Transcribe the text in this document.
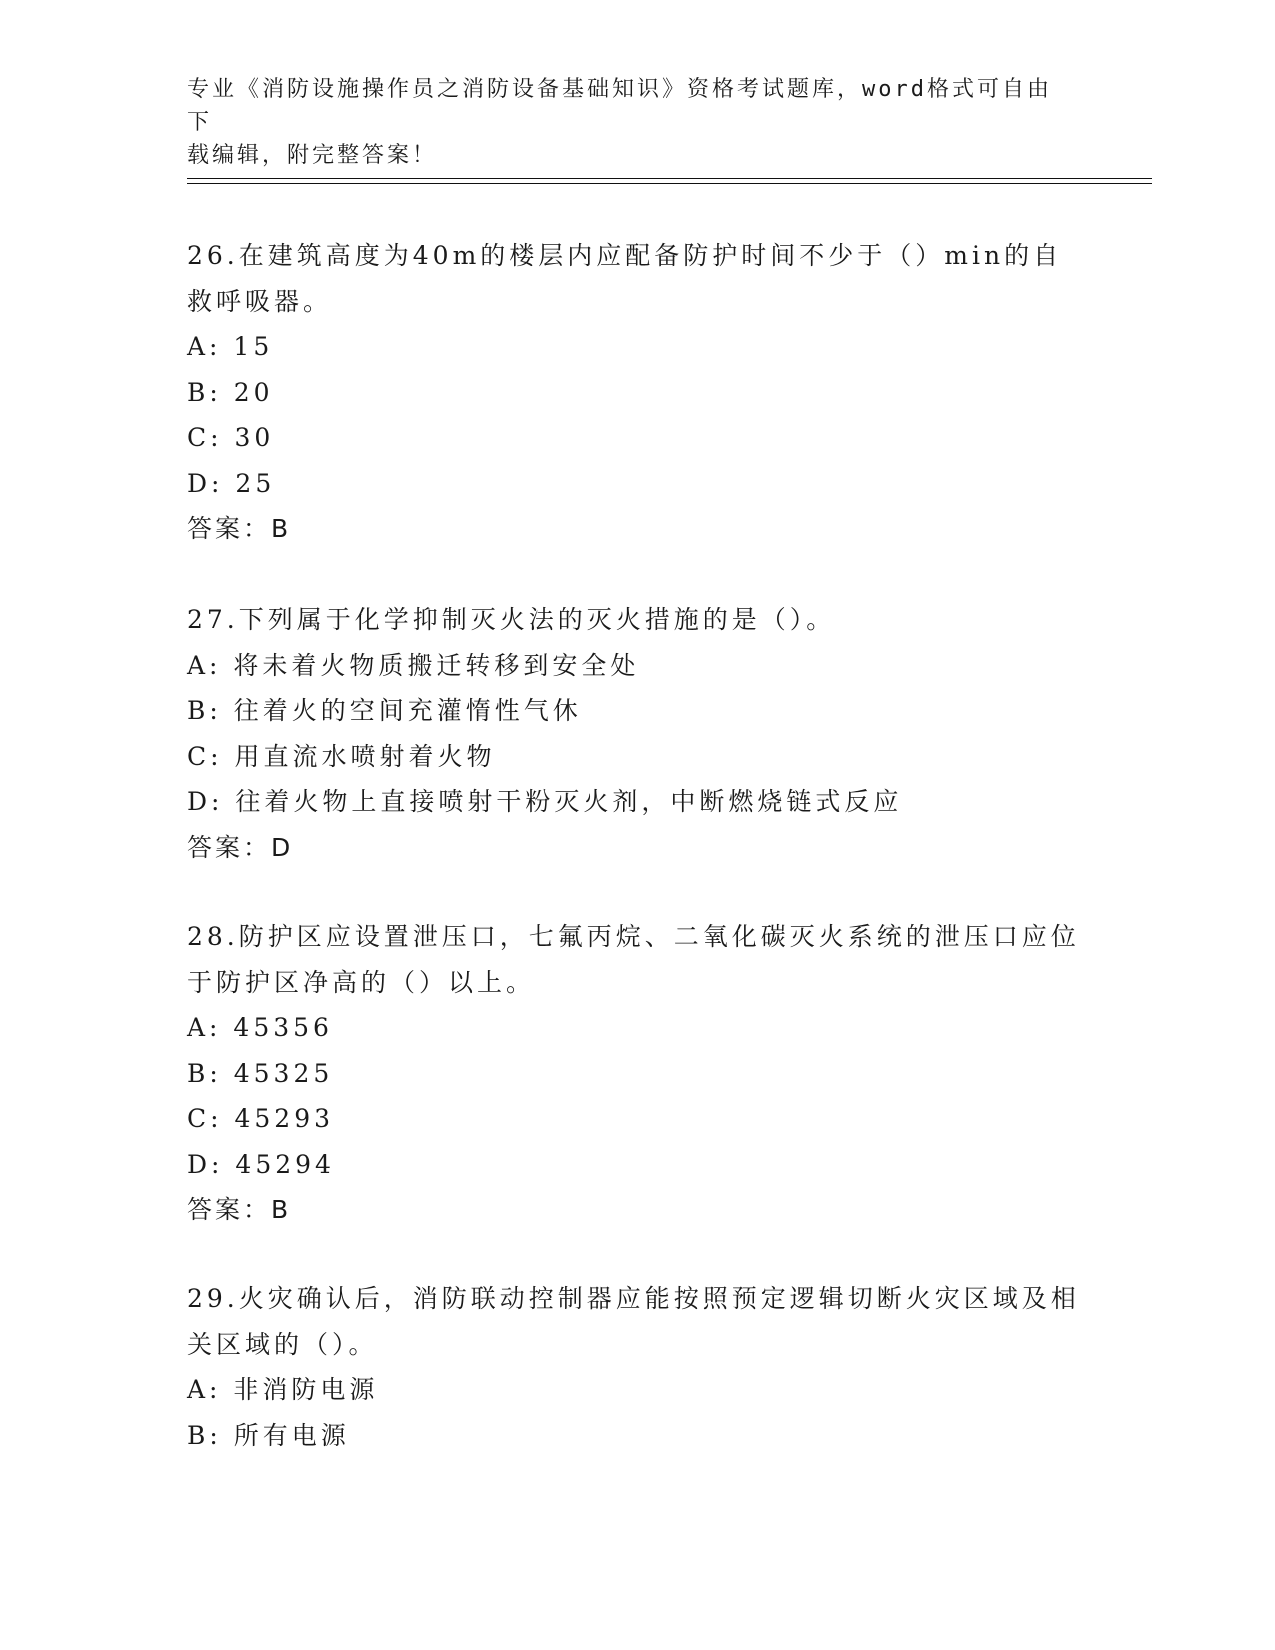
专业《消防设施操作员之消防设备基础知识》资格考试题库，word格式可自由下
载编辑，附完整答案！

26.在建筑高度为40m的楼层内应配备防护时间不少于（）min的自救呼吸器。

A: 15

B: 20

C: 30

D: 25

答案：B

27.下列属于化学抑制灭火法的灭火措施的是（）。

A: 将未着火物质搬迁转移到安全处

B: 往着火的空间充灌惰性气休

C: 用直流水喷射着火物

D: 往着火物上直接喷射干粉灭火剂，中断燃烧链式反应

答案：D

28.防护区应设置泄压口，七氟丙烷、二氧化碳灭火系统的泄压口应位于防护区净高的（）以上。

A: 45356

B: 45325

C: 45293

D: 45294

答案：B

29.火灾确认后，消防联动控制器应能按照预定逻辑切断火灾区域及相关区域的（）。

A: 非消防电源

B: 所有电源
